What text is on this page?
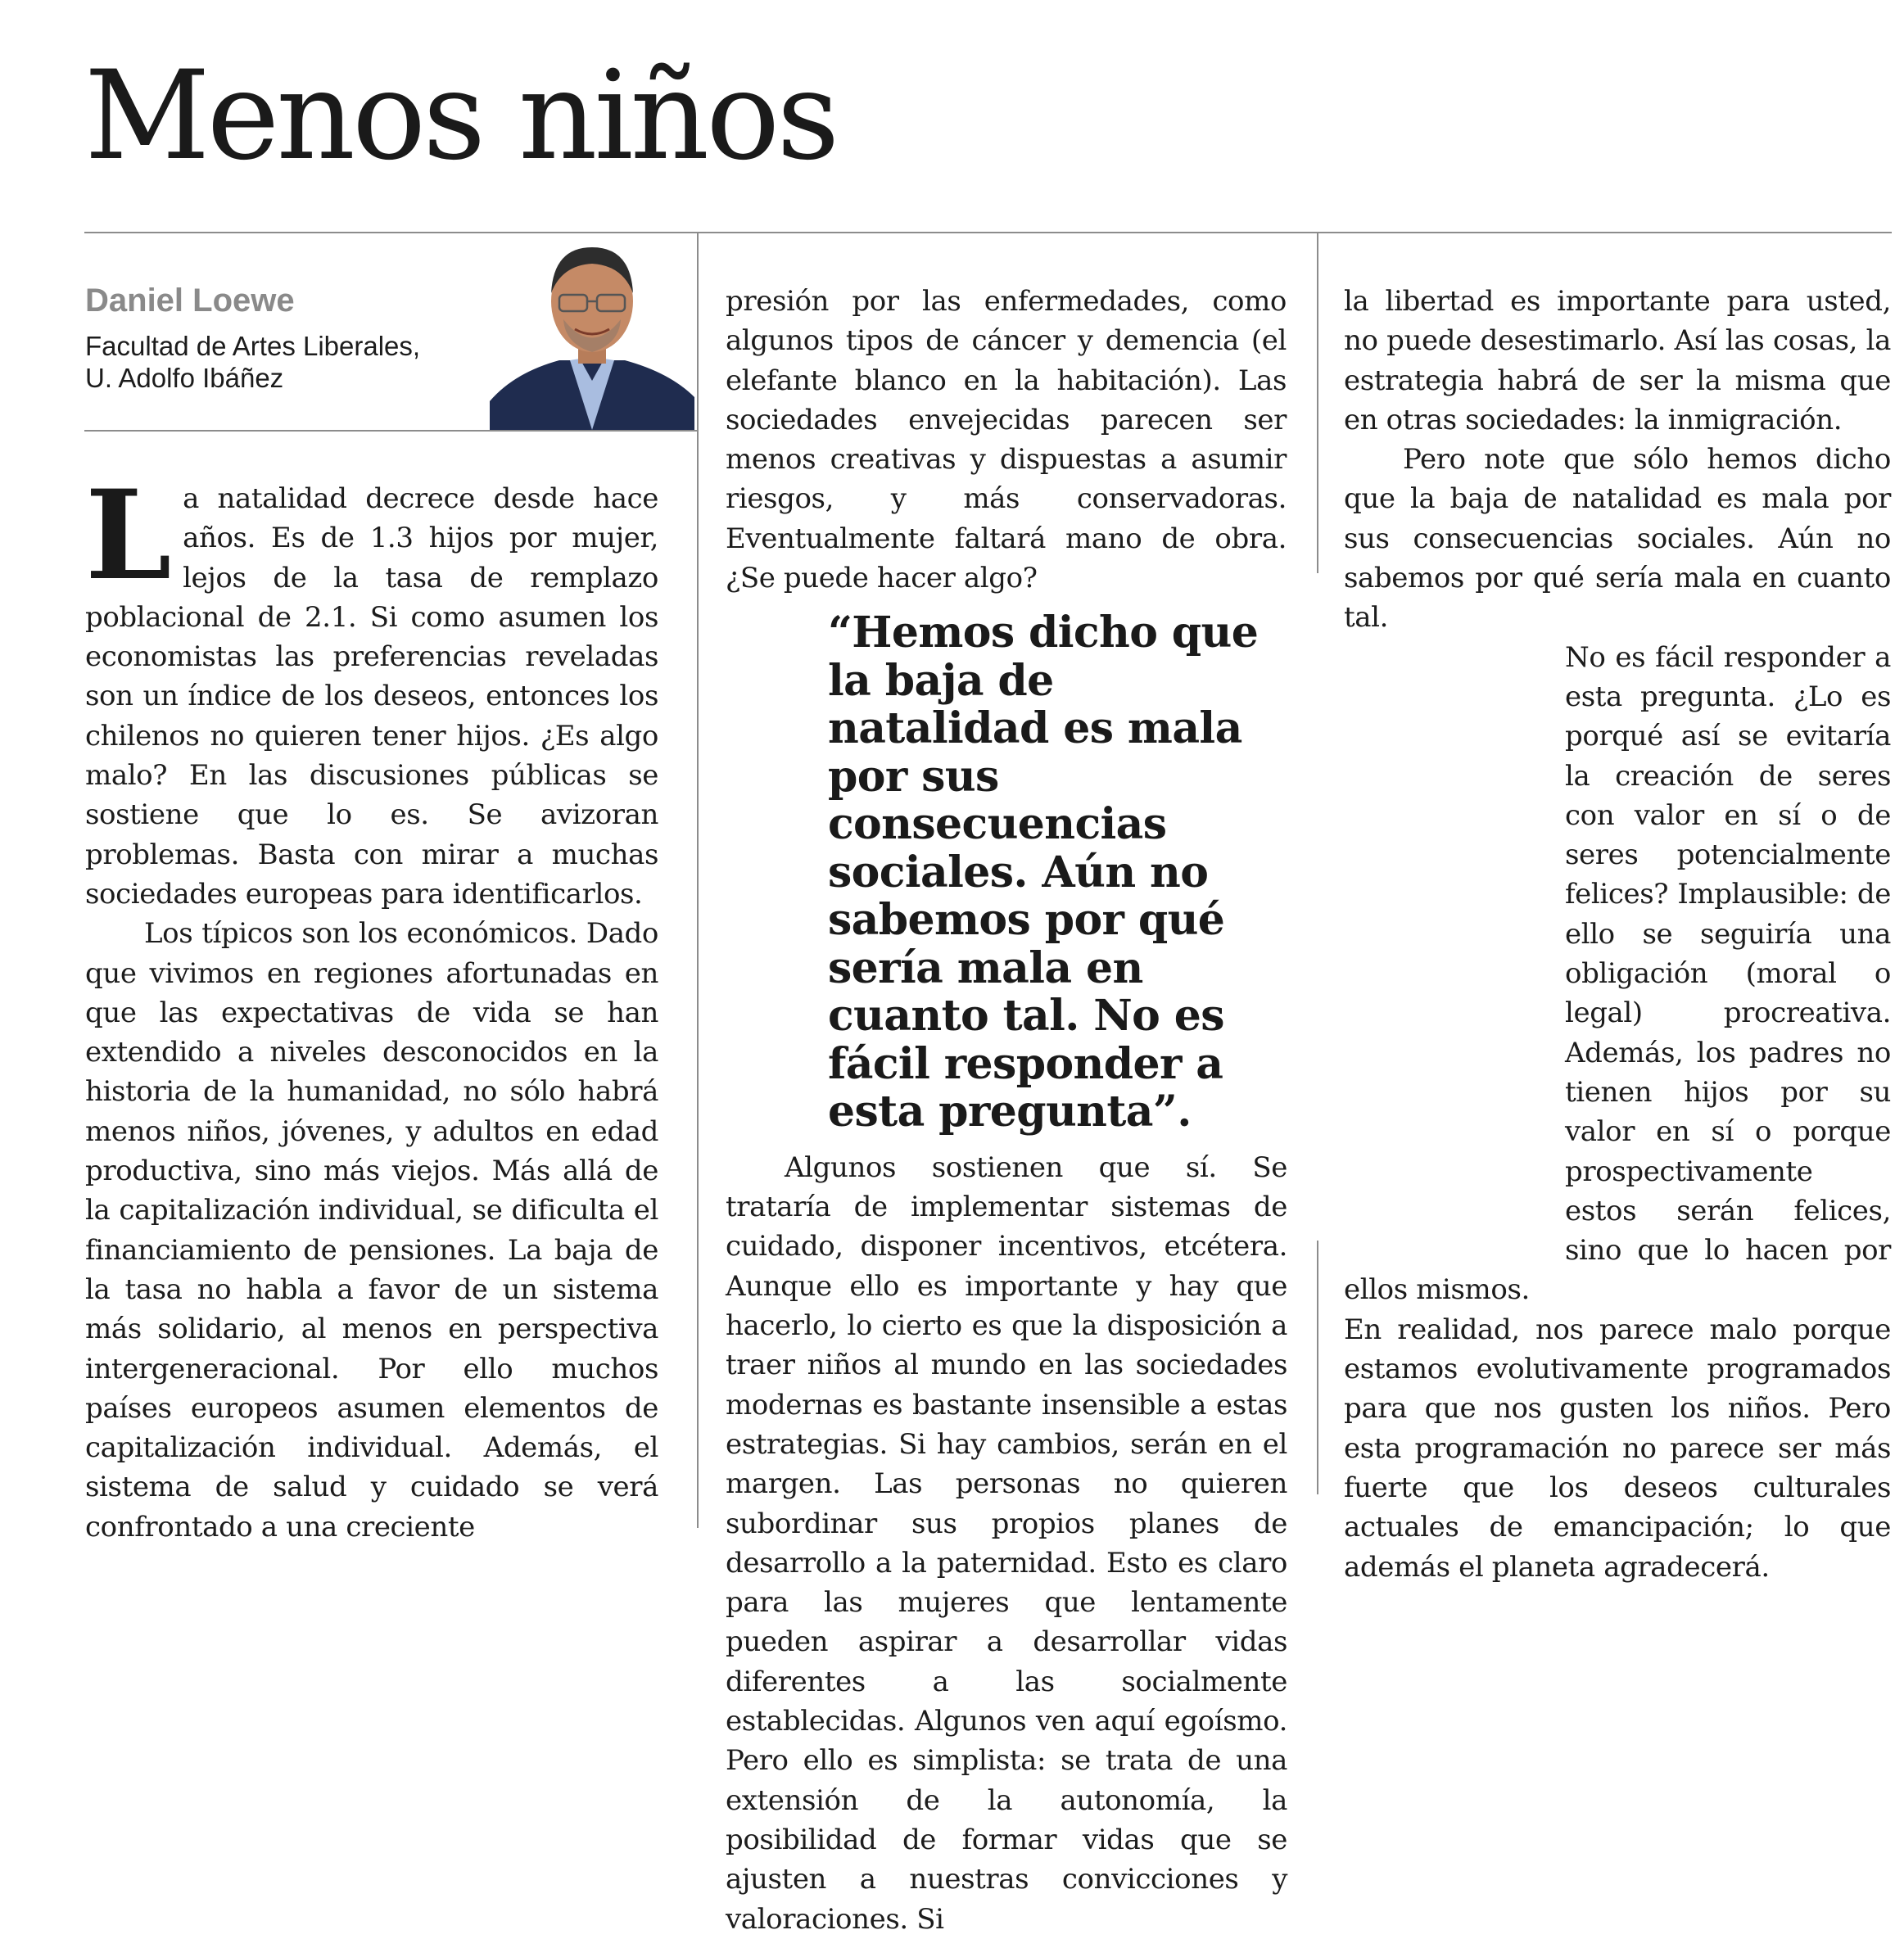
Menos niños
Daniel Loewe
Facultad de Artes Liberales,
U. Adolfo Ibáñez

La natalidad decrece desde hace años. Es de 1.3 hijos por mujer, lejos de la tasa de remplazo poblacional de 2.1. Si como asumen los economistas las preferencias reveladas son un índice de los deseos, entonces los chilenos no quieren tener hijos. ¿Es algo malo? En las discusiones públicas se sostiene que lo es. Se avizoran problemas. Basta con mirar a muchas sociedades europeas para identificarlos.

Los típicos son los económicos. Dado que vivimos en regiones afortunadas en que las expectativas de vida se han extendido a niveles desconocidos en la historia de la humanidad, no sólo habrá menos niños, jóvenes, y adultos en edad productiva, sino más viejos. Más allá de la capitalización individual, se dificulta el financiamiento de pensiones. La baja de la tasa no habla a favor de un sistema más solidario, al menos en perspectiva intergeneracional. Por ello muchos países europeos asumen elementos de capitalización individual. Además, el sistema de salud y cuidado se verá confrontado a una creciente

presión por las enfermedades, como algunos tipos de cáncer y demencia (el elefante blanco en la habitación). Las sociedades envejecidas parecen ser menos creativas y dispuestas a asumir riesgos, y más conservadoras. Eventualmente faltará mano de obra. ¿Se puede hacer algo?

“Hemos dicho que la baja de natalidad es mala por sus consecuencias sociales. Aún no sabemos por qué sería mala en cuanto tal. No es fácil responder a esta pregunta”.

Algunos sostienen que sí. Se trataría de implementar sistemas de cuidado, disponer incentivos, etcétera. Aunque ello es importante y hay que hacerlo, lo cierto es que la disposición a traer niños al mundo en las sociedades modernas es bastante insensible a estas estrategias. Si hay cambios, serán en el margen. Las personas no quieren subordinar sus propios planes de desarrollo a la paternidad. Esto es claro para las mujeres que lentamente pueden aspirar a desarrollar vidas diferentes a las socialmente establecidas. Algunos ven aquí egoísmo. Pero ello es simplista: se trata de una extensión de la autonomía, la posibilidad de formar vidas que se ajusten a nuestras convicciones y valoraciones. Si

la libertad es importante para usted, no puede desestimarlo. Así las cosas, la estrategia habrá de ser la misma que en otras sociedades: la inmigración.

Pero note que sólo hemos dicho que la baja de natalidad es mala por sus consecuencias sociales. Aún no sabemos por qué sería mala en cuanto tal.

No es fácil responder a esta pregunta. ¿Lo es porqué así se evitaría la creación de seres con valor en sí o de seres potencialmente felices? Implausible: de ello se seguiría una obligación (moral o legal) procreativa. Además, los padres no tienen hijos por su valor en sí o porque prospectivamente estos serán felices, sino que lo hacen por ellos mismos.

En realidad, nos parece malo porque estamos evolutivamente programados para que nos gusten los niños. Pero esta programación no parece ser más fuerte que los deseos culturales actuales de emancipación; lo que además el planeta agradecerá.
